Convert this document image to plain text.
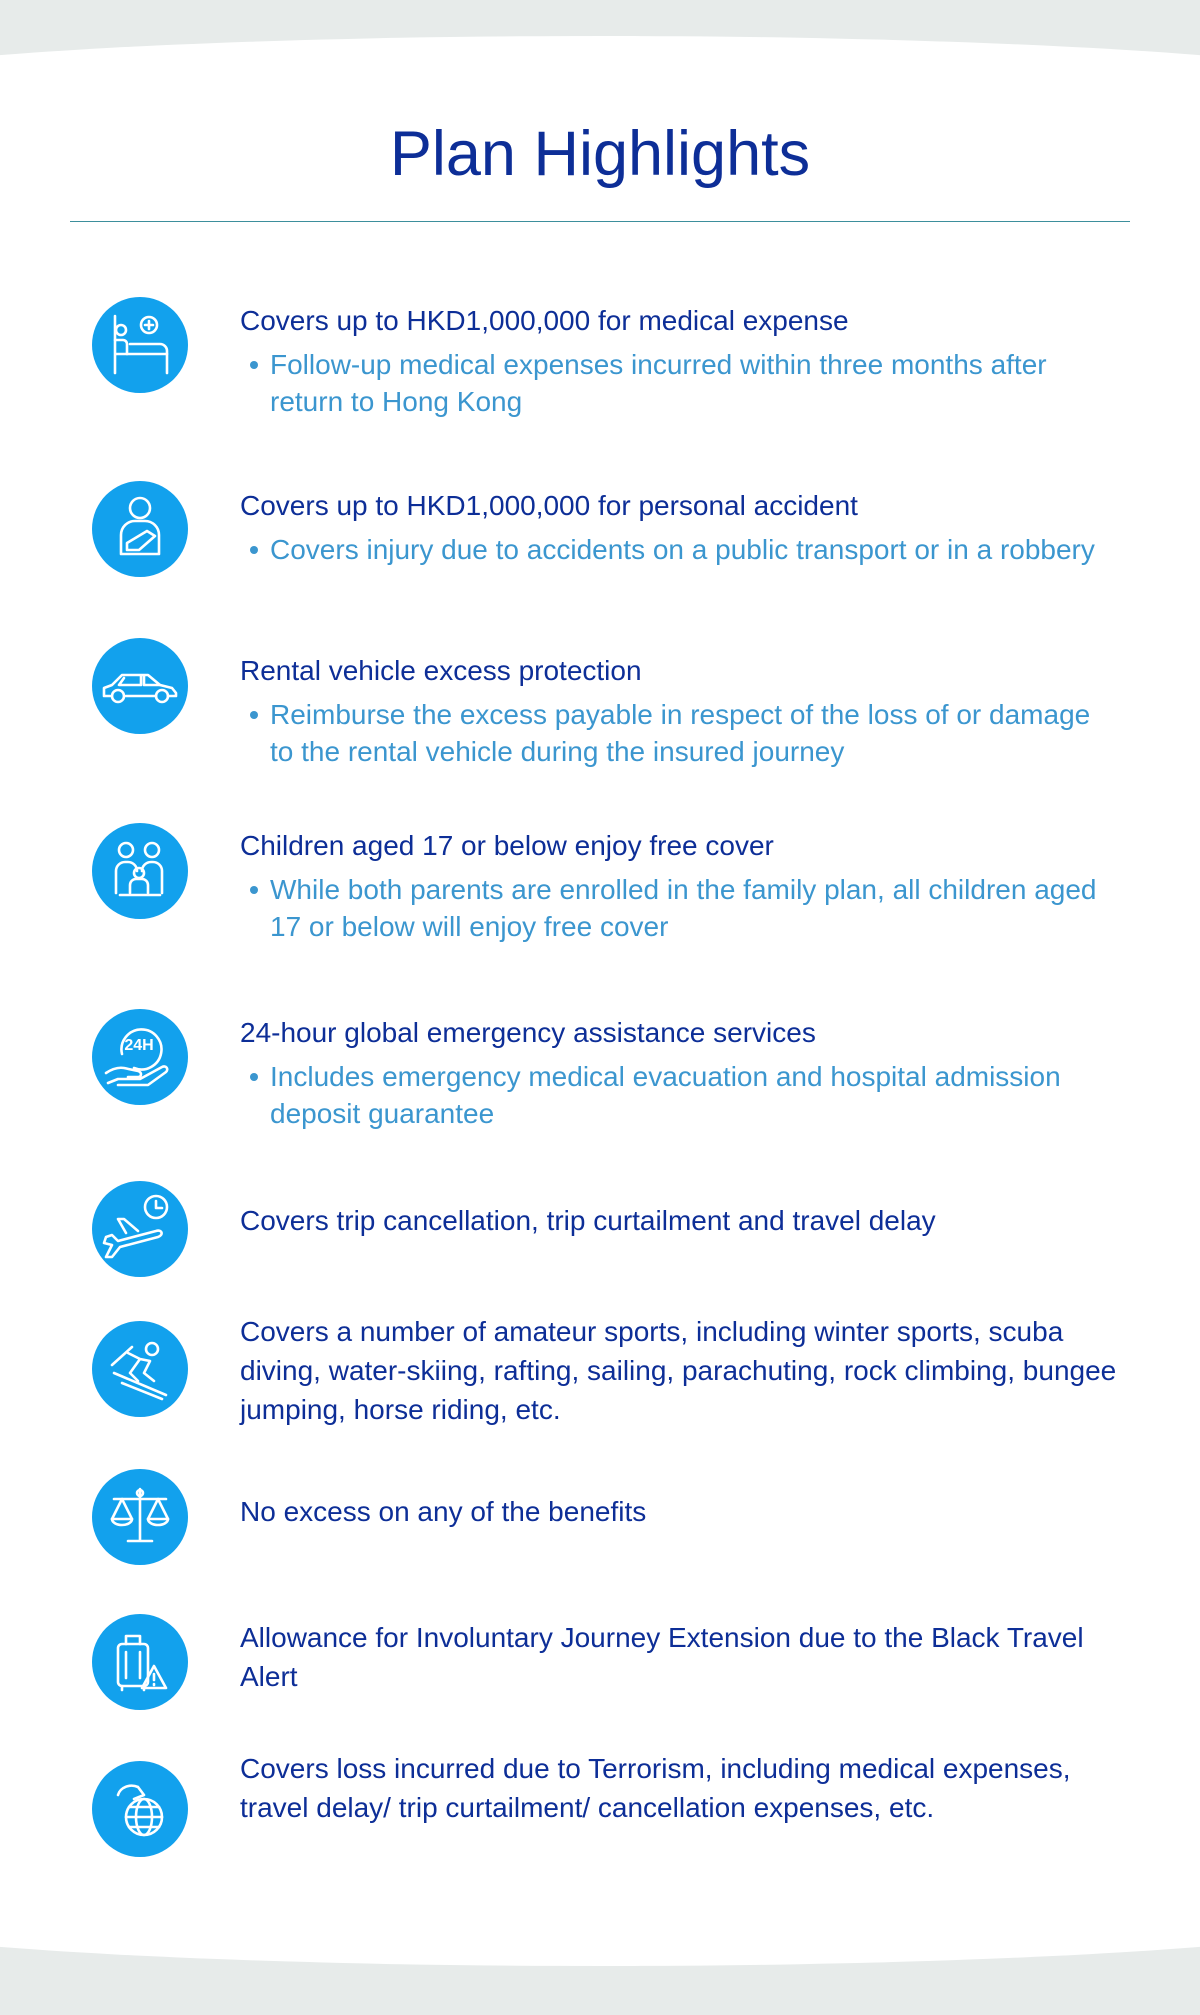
Plan Highlights
Covers up to HKD1,000,000 for medical expense
Follow-up medical expenses incurred within three months after return to Hong Kong
Covers up to HKD1,000,000 for personal accident
Covers injury due to accidents on a public transport or in a robbery
Rental vehicle excess protection
Reimburse the excess payable in respect of the loss of or damage to the rental vehicle during the insured journey
Children aged 17 or below enjoy free cover
While both parents are enrolled in the family plan, all children aged 17 or below will enjoy free cover
24H	24-hour global emergency assistance services
Includes emergency medical evacuation and hospital admission deposit guarantee
Covers trip cancellation, trip curtailment and travel delay
Covers a number of amateur sports, including winter sports, scuba diving, water-skiing, rafting, sailing, parachuting, rock climbing, bungee jumping, horse riding, etc.
No excess on any of the benefits
Allowance for Involuntary Journey Extension due to the Black Travel Alert
Covers loss incurred due to Terrorism, including medical expenses, travel delay/ trip curtailment/ cancellation expenses, etc.
